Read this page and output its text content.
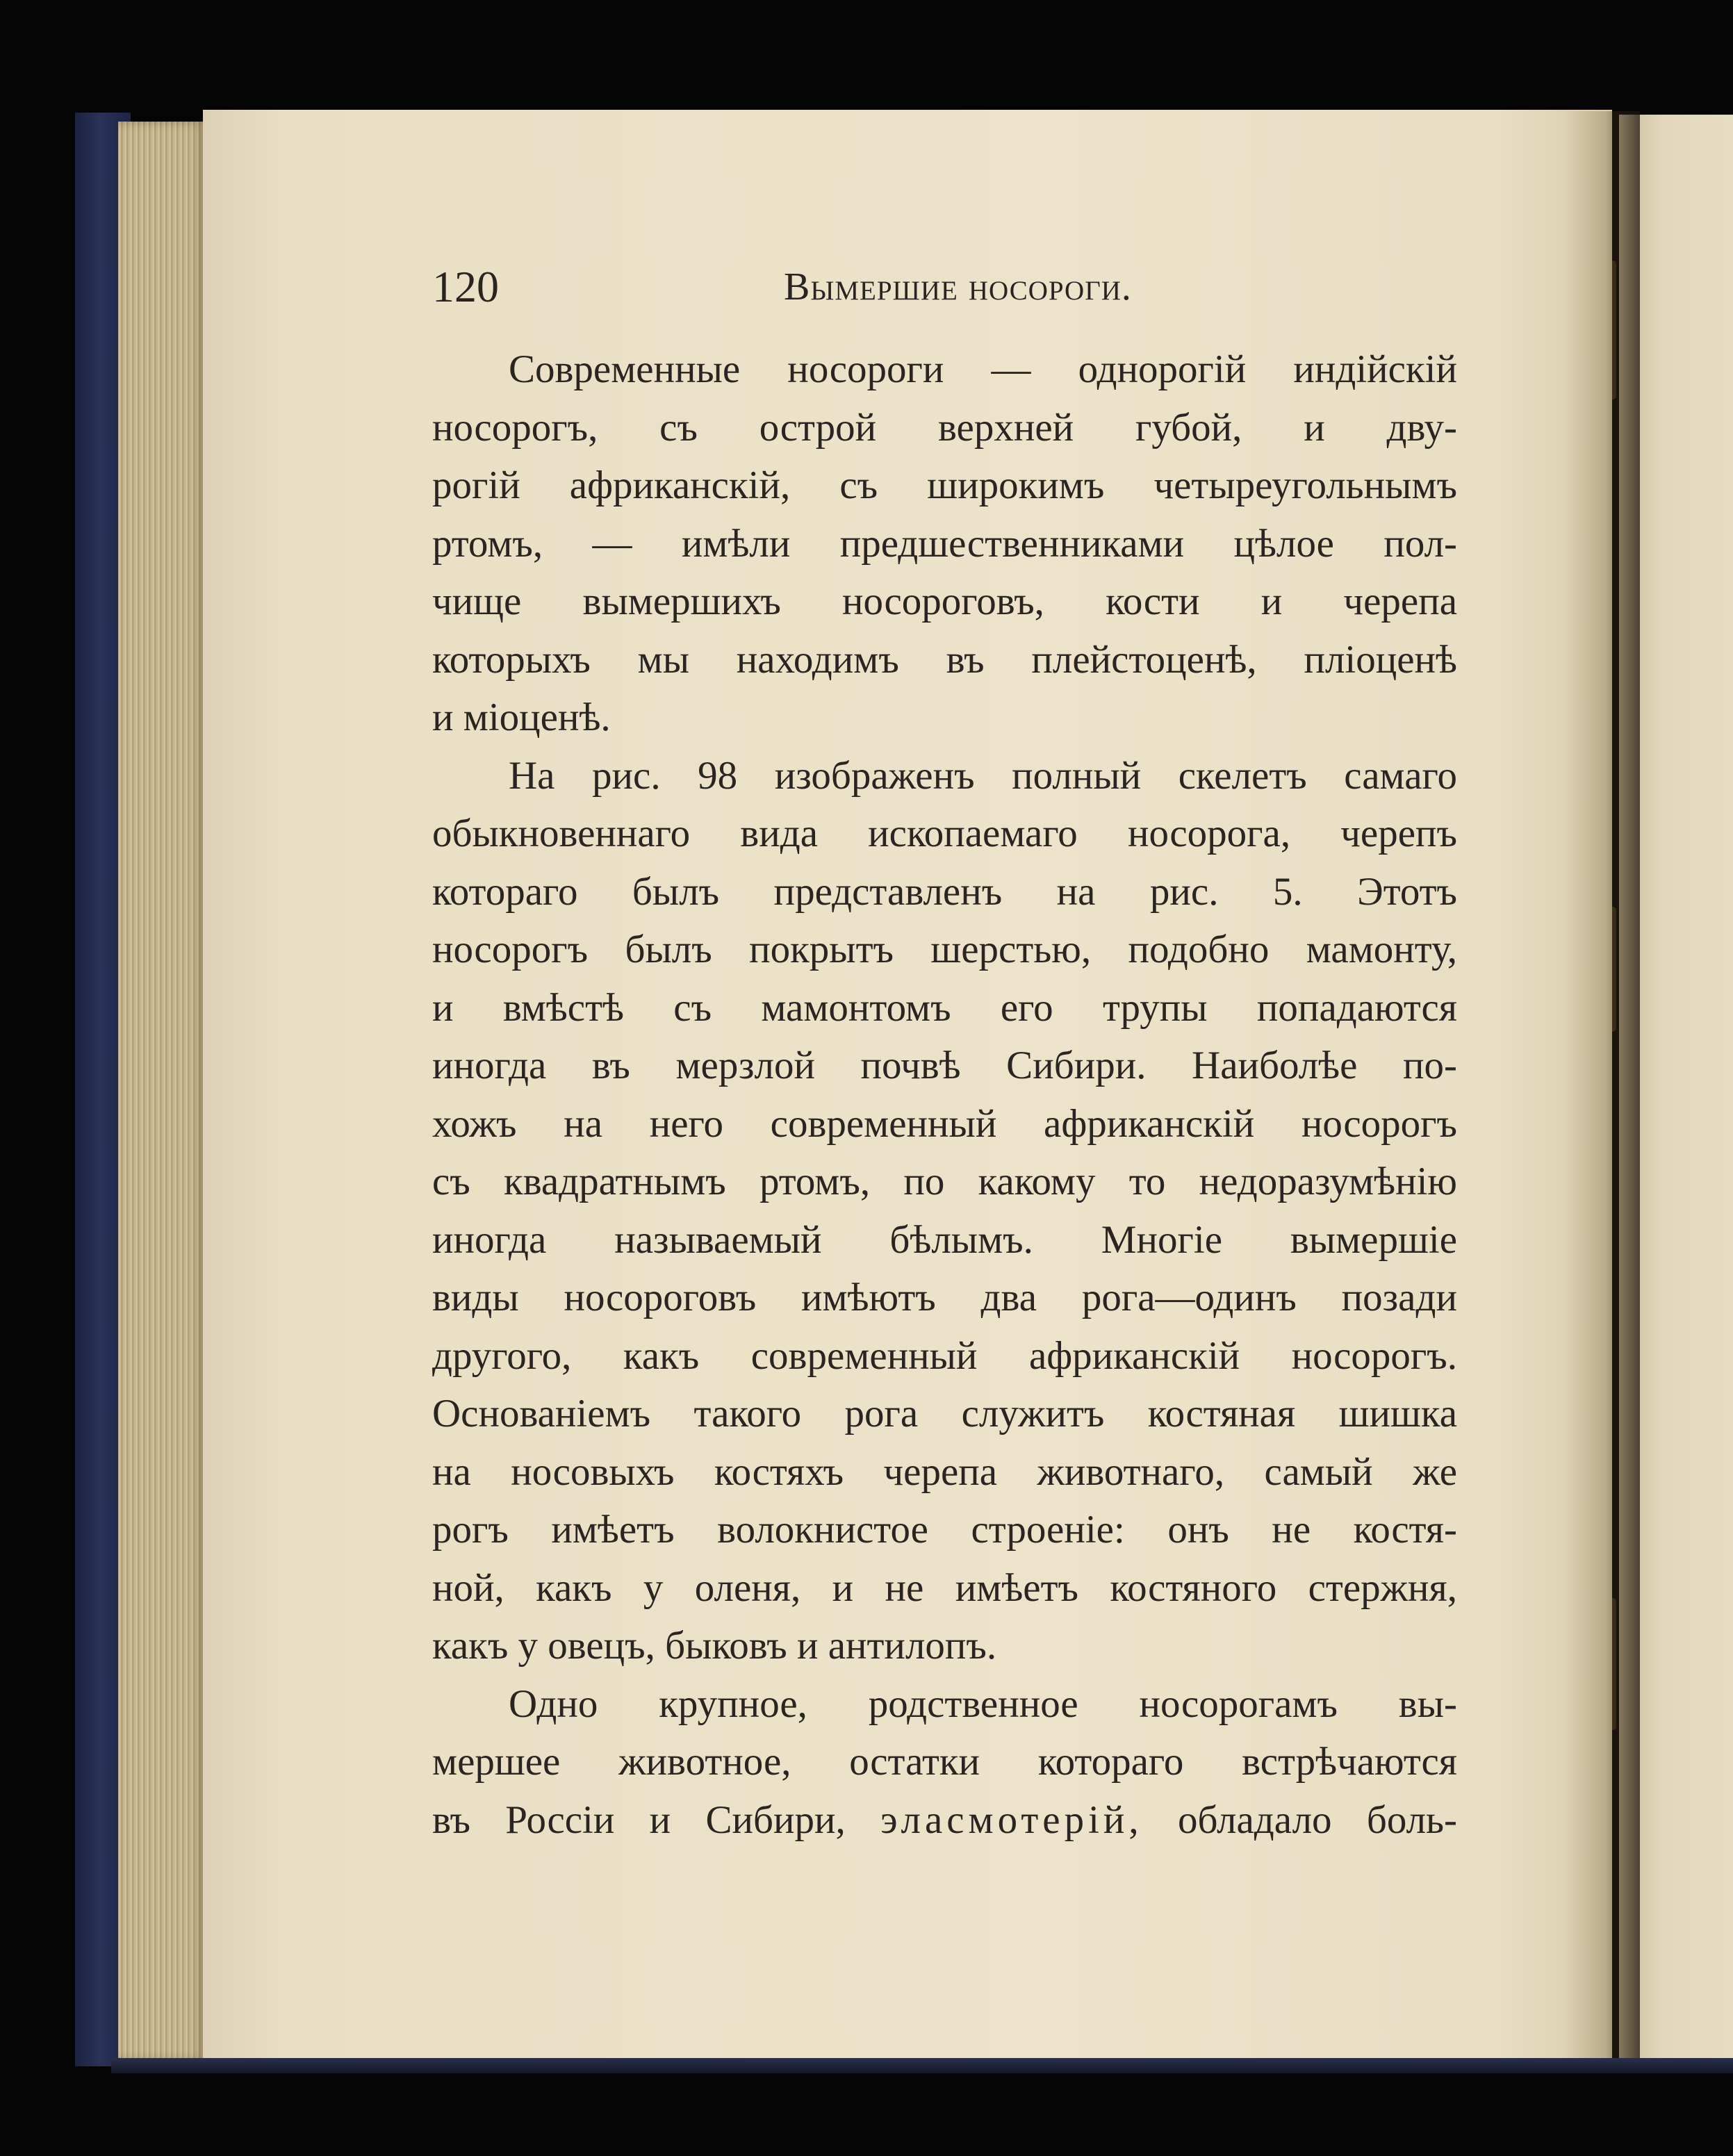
120	Вымершие носороги.
Современные носороги — однорогій индійскій
носорогъ, съ острой верхней губой, и дву-
рогій африканскій, съ широкимъ четыреугольнымъ
ртомъ, — имѣли предшественниками цѣлое пол-
чище вымершихъ носороговъ, кости и черепа
которыхъ мы находимъ въ плейстоценѣ, пліоценѣ
и міоценѣ.
На рис. 98 изображенъ полный скелетъ самаго
обыкновеннаго вида ископаемаго носорога, черепъ
котораго былъ представленъ на рис. 5. Этотъ
носорогъ былъ покрытъ шерстью, подобно мамонту,
и вмѣстѣ съ мамонтомъ его трупы попадаются
иногда въ мерзлой почвѣ Сибири. Наиболѣе по-
хожъ на него современный африканскій носорогъ
съ квадратнымъ ртомъ, по какому то недоразумѣнію
иногда называемый бѣлымъ. Многіе вымершіе
виды носороговъ имѣютъ два рога—одинъ позади
другого, какъ современный африканскій носорогъ.
Основаніемъ такого рога служитъ костяная шишка
на носовыхъ костяхъ черепа животнаго, самый же
рогъ имѣетъ волокнистое строеніе: онъ не костя-
ной, какъ у оленя, и не имѣетъ костяного стержня,
какъ у овецъ, быковъ и антилопъ.
Одно крупное, родственное носорогамъ вы-
мершее животное, остатки котораго встрѣчаются
въ Россіи и Сибири, эласмотерій, обладало боль-
